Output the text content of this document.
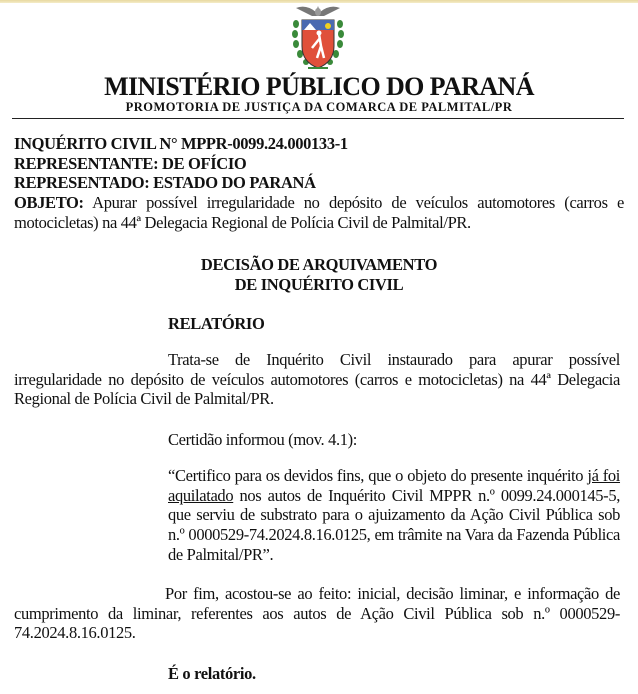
MINISTÉRIO PÚBLICO DO PARANÁ
PROMOTORIA DE JUSTIÇA DA COMARCA DE PALMITAL/PR
INQUÉRITO CIVIL N° MPPR-0099.24.000133-1
REPRESENTANTE: DE OFÍCIO
REPRESENTADO: ESTADO DO PARANÁ
OBJETO: Apurar possível irregularidade no depósito de veículos automotores (carros e motocicletas) na 44ª Delegacia Regional de Polícia Civil de Palmital/PR.
DECISÃO DE ARQUIVAMENTO
DE INQUÉRITO CIVIL
RELATÓRIO
Trata-se de Inquérito Civil instaurado para apurar possível irregularidade no depósito de veículos automotores (carros e motocicletas) na 44ª Delegacia Regional de Polícia Civil de Palmital/PR.
Certidão informou (mov. 4.1):
“Certifico para os devidos fins, que o objeto do presente inquérito já foi aquilatado nos autos de Inquérito Civil MPPR n.º 0099.24.000145-5, que serviu de substrato para o ajuizamento da Ação Civil Pública sob n.º 0000529-74.2024.8.16.0125, em trâmite na Vara da Fazenda Pública de Palmital/PR”.
Por fim, acostou-se ao feito: inicial, decisão liminar, e informação de cumprimento da liminar, referentes aos autos de Ação Civil Pública sob n.º 0000529-74.2024.8.16.0125.
É o relatório.
